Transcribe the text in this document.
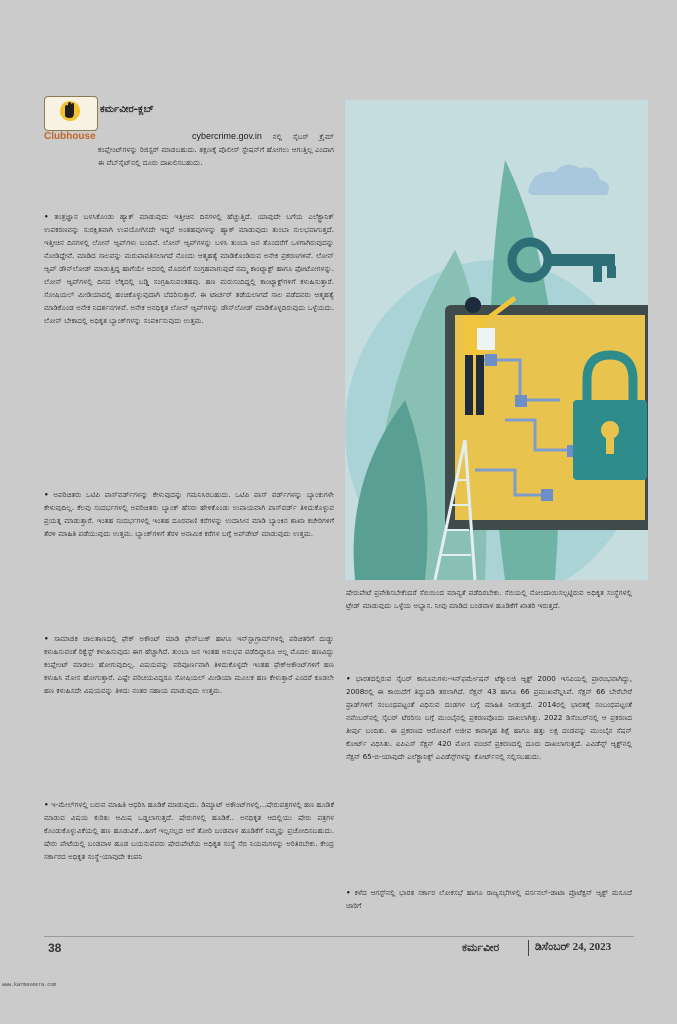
Clubhouse
ಕರ್ಮವೀರ-ಕ್ಲಬ್

cybercrime.gov.in ನಲ್ಲಿ ಸೈಬರ್ ಕ್ರೈಮ್ ಕಂಪ್ಲೇಂಟ್‌ಗಳನ್ನು ರಿಜಿಸ್ಟರ್ ಮಾಡಬಹುದು. ತಕ್ಷಣಕ್ಕೆ ಪೊಲೀಸ್ ಸ್ಟೇಷನ್‌ಗೆ ಹೋಗಲು ಆಗುತ್ತಿಲ್ಲ ಎಂದಾಗ ಈ ವೆಬ್‌ಸೈಟ್‌ನಲ್ಲಿ ದೂರು ದಾಖಲಿಸಬಹುದು.

• ತಂತ್ರಜ್ಞಾನ ಬಳಸಿಕೊಂಡು ಹ್ಯಾಕ್ ಮಾಡುವುದು ಇತ್ತೀಚಿನ ದಿನಗಳಲ್ಲಿ ಹೆಚ್ಚುತ್ತಿದೆ. ಯಾವುದೇ ಬಗೆಯ ಎಲೆಕ್ಟ್ರಾನಿಕ್ ಉಪಕರಣವನ್ನು ಸುರಕ್ಷಿತವಾಗಿ ಉಪಯೋಗಿಸದೇ ಇದ್ದರೆ ಅಂತಹವುಗಳನ್ನು ಹ್ಯಾಕ್ ಮಾಡುವುದು ತುಂಬಾ ಸುಲಭವಾಗುತ್ತದೆ. ಇತ್ತೀಚಿನ ದಿನಗಳಲ್ಲಿ ಲೋನ್ ಆ್ಯಪ್‌ಗಳು ಬಂದಿವೆ. ಲೋನ್ ಆ್ಯಪ್‌ಗಳನ್ನು ಬಳಸಿ ತುಂಬಾ ಜನ ತೊಂದರೆಗೆ ಒಳಗಾಗಿರುವುದನ್ನು ನೋಡಿದ್ದೇವೆ. ಮಾಡಿದ ಸಾಲವನ್ನು ಮರುಪಾವತಿಸಲಾಗದೆ ನೊಂದು ಆತ್ಮಹತ್ಯೆ ಮಾಡಿಕೊಂಡಿರುವ ಅನೇಕ ಪ್ರಕರಣಗಳಿವೆ. ಲೋನ್ ಆ್ಯಪ್ ಡೌನ್‌ಲೋಡ್ ಮಾಡುತ್ತಿದ್ದ ಹಾಗೆಯೇ ಅದರಲ್ಲಿ ಮೊದಲಿಗೆ ಸಂಗ್ರಹವಾಗುವುದೆ ನಮ್ಮ ಕಾಂಟ್ಯಾಕ್ಟ್ ಹಾಗೂ ಫೋಟೋಗಳನ್ನು. ಲೋನ್ ಆ್ಯಪ್‌ಗಳಲ್ಲಿ ದಿನದ ಲೆಕ್ಕದಲ್ಲಿ ಬಡ್ಡಿ ಸಂಗ್ರಹಿಸುವಂತಹವು. ಹಣ ಮರುಸಂದಿದ್ದಲ್ಲಿ ಕಾಂಟ್ಯಾಕ್ಟ್‌ಗಳಿಗೆ ಕಳುಹಿಸುತ್ತಾರೆ. ಸೋಷಿಯಲ್ ಮೀಡಿಯಾದಲ್ಲಿ ಹಂಚಿಕೊಳ್ಳುವುದಾಗಿ ಬೆದರಿಸುತ್ತಾರೆ. ಈ ಟಾರ್ಚರ್ ತಡೆಯಲಾಗದೆ ಸಾಲ ಪಡೆದವರು ಆತ್ಮಹತ್ಯೆ ಮಾಡಿಕೊಂಡ ಅನೇಕ ನಿದರ್ಶನಗಳಿವೆ. ಅನೇಕ ಅನಧಿಕೃತ ಲೋನ್ ಆ್ಯಪ್‌ಗಳನ್ನು ಡೌನ್‌ಲೋಡ್ ಮಾಡಿಕೊಳ್ಳದಿರುವುದು ಒಳ್ಳೆಯದು. ಲೋನ್ ಬೇಕಾದಲ್ಲಿ ಅಧಿಕೃತ ಬ್ಯಾಂಕ್‌ಗಳನ್ನು ಸಂಪರ್ಕಿಸುವುದು ಉತ್ತಮ.

• ಅಪರಿಚಿತರು ಒಟಿಪಿ ಪಾಸ್‌ವರ್ಡ್‌ಗಳನ್ನು ಕೇಳುವುದನ್ನು ಗಮನಿಸಿರಬಹುದು. ಒಟಿಪಿ ಪಾಸ್ ವರ್ಡ್‌ಗಳನ್ನು ಬ್ಯಾಂಕುಗಳೇ ಕೇಳುವುದಿಲ್ಲ. ಕೆಲವು ಸಂದರ್ಭಗಳಲ್ಲಿ ಅಪರಿಚಿತರು ಬ್ಯಾಂಕ್ ಹೆಸರು ಹೇಳಿಕೊಂಡು ಉಪಾಯವಾಗಿ ಪಾಸ್‌ವರ್ಡ್ ತಿಳಿದುಕೊಳ್ಳುವ ಪ್ರಯತ್ನ ಮಾಡುತ್ತಾರೆ. ಇಂತಹ ಸಂದರ್ಭಗಳಲ್ಲಿ ಇಂತಹ ದೂರವಾಣಿ ಕರೆಗಳನ್ನು ಉದಾಸೀನ ಮಾಡಿ ಬ್ಯಾಂಕಿನ ಶಾಖಾ ಕಚೇರಿಗಳಿಗೆ ತೆರಳಿ ಮಾಹಿತಿ ಪಡೆಯುವುದು ಉತ್ತಮ. ಬ್ಯಾಂಕ್‌ಗಳಿಗೆ ತೆರಳ ಅನಾಮಿಕ ಕರೆಗಳ ಬಗ್ಗೆ ಅಪ್‌ಡೇಟ್ ಮಾಡುವುದು ಉತ್ತಮ.

• ಸಾಮಾಜಿಕ ಜಾಲತಾಣದಲ್ಲಿ ಫೇಕ್ ಅಕೌಂಟ್ ಮಾಡಿ ಫೇಸ್‌ಬುಕ್ ಹಾಗೂ ಇನ್‌ಸ್ಟಾಗ್ರಾಮ್‌ಗಳಲ್ಲಿ ಪರಿಚಿತರಿಗೆ ದುಡ್ಡು ಕಳುಹಿಸುವಂತೆ ರಿಕ್ವೆಸ್ಟ್ ಕಳುಹಿಸುವುದು ಈಗ ಹೆಚ್ಚಾಗಿದೆ. ತುಂಬಾ ಜನ ಇಂತಹ ಅನುಭವ ಪಡೆದಿದ್ದಾರೂ ಅಲ್ಲ ಮೊದಲ ಹಣವಿದ್ದು ಕಂಪ್ಲೇಂಟ್ ಮಾಡಲು ಹೋಗುವುದಿಲ್ಲ. ವಿಷಯವನ್ನು ಪರಿಪೂರ್ಣವಾಗಿ ತಿಳಿದುಕೊಳ್ಳದೇ ಇಂತಹ ಫೇಕ್‌ಅಕೌಂಟ್‌ಗಳಿಗೆ ಹಣ ಕಳುಹಿಸಿ ಮೋಸ ಹೋಗುತ್ತಾರೆ. ಎಷ್ಟೇ ಪರಿಚಯವಿದ್ದರೂ ಸೋಷಿಯಲ್ ಮೀಡಿಯಾ ಮೂಲಕ ಹಣ ಕೇಳುತ್ತಾರೆ ಎಂದರೆ ಕೂಡಲೇ ಹಣ ಕಳುಹಿಸದೇ ವಿಷಯವನ್ನು ತಿಳಿದು ನಂತರ ಸಹಾಯ ಮಾಡುವುದು ಉತ್ತಮ.

• ಇ-ಮೇಲ್‌ಗಳಲ್ಲಿ ಬರುವ ಮಾಹಿತಿ ಆಧರಿಸಿ ಹೂಡಿಕೆ ಮಾಡುವುದು. ಡಿಮ್ಯಾಟ್ ಅಕೌಂಟ್‌ಗಳಲ್ಲಿ...ಷೇರುಪತ್ರಗಳಲ್ಲಿ ಹಣ ಹೂಡಿಕೆ ಮಾಡುವ ವಿಷಯ ಕುರಿತು ಆಮಿಷ ಒಡ್ಡಲಾಗುತ್ತದೆ. ಷೇರುಗಳಲ್ಲಿ ಹೂಡಿಕೆ.. ಅನಧಿಕೃತ ಆದಲ್ಲಿಯು ಷೇರು ಪತ್ರಗಳ ಕೊಂಡುಕೊಳ್ಳುವಿಕೆಯಲ್ಲಿ ಹಣ ಹೂಡುವಿಕೆ...ಹೀಗೆ ಇಲ್ಲಸಲ್ಲದ ಆಸೆ ತೋರಿ ಬಂಡವಾಳ ಹೂಡಿಕೆಗೆ ನಿಮ್ಮನ್ನು ಪ್ರಚೋದಿಸಬಹುದು. ಷೇರು ಪೇಟೆಯಲ್ಲಿ ಬಂಡವಾಳ ಹೂಡ ಬಯಸುವವರು ಷೇರುಪೇಟೆಯ ಅಧಿಕೃತ ಸಂಸ್ಥೆ ಸೆಬಿ ನಿಯಮಗಳನ್ನು ಅರಿತಿರಬೇಕು. ಕೇಂದ್ರ ಸರ್ಕಾರದ ಅಧಿಕೃತ ಸಂಸ್ಥೆ-ಯಾವುದೇ ಕಂಪನಿ

ಷೇರುಪೇಟೆ ಪ್ರವೇಶಿಸಬೇಕೆಂದರೆ ಸೆಬಿಯಿಂದ ಮಾನ್ಯತೆ ಪಡೆದಿರಬೇಕು. ಸೆಬಿಯಲ್ಲಿ ನೋಂದಾಯಿಸಲ್ಪಟ್ಟಿರುವ ಅಧಿಕೃತ ಸಂಸ್ಥೆಗಳಲ್ಲಿ ಟ್ರೇಡ್ ಮಾಡುವುದು ಒಳ್ಳೆಯ ಅಭ್ಯಾಸ. ನೀವು ಮಾಡಿದ ಬಂಡವಾಳ ಹೂಡಿಕೆಗೆ ಖಾತರಿ ಇರುತ್ತದೆ.

• ಭಾರತದಲ್ಲಿರುವ ಸೈಬರ್ ಕಾನೂನುಗಳು-ಇನ್‌ಫರ್ಮೇಷನ್ ಟೆಕ್ನಾಲಜಿ ಆ್ಯಕ್ಟ್ 2000 ಇಸವಿಯಲ್ಲಿ ಪ್ರಾರಂಭವಾಗಿದ್ದು, 2008ರಲ್ಲಿ ಈ ಕಾಯಿದೆಗೆ ತಿದ್ದುಪಡಿ ತರಲಾಗಿದೆ. ಸೆಕ್ಷನ್ 43 ಹಾಗೂ 66 ಪ್ರಮುಖವೆನ್ನಿಸಿವೆ. ಸೆಕ್ಷನ್ 66 ಬೇರೆಬೇರೆ ಫ್ರಾಡ್‌ಗಳಿಗೆ ಸಂಬಂಧಪಟ್ಟಂತೆ ವಿಧಿಸುವ ದಂಡಗಳ ಬಗ್ಗೆ ಮಾಹಿತಿ ನೀಡುತ್ತದೆ. 2014ರಲ್ಲಿ ಭಾರತಕ್ಕೆ ಸಂಬಂಧಪಟ್ಟಂತೆ ನವೆಂಬರ್‌ನಲ್ಲಿ ಸೈಬರ್ ಟೆರರಿಸಂ ಬಗ್ಗೆ ಮುಂಬೈನಲ್ಲಿ ಪ್ರಕರಣವೊಂದು ದಾಖಲಾಗಿತ್ತು. 2022 ಡಿಸೆಂಬರ್‌ನಲ್ಲಿ ಆ ಪ್ರಕರಣದ ತೀರ್ಪು ಬಂದಿತು. ಈ ಪ್ರಕರಣದ ಆರೋಪಿಗೆ ಅಜೀವ ಕಾರಾಗೃಹ ಶಿಕ್ಷೆ ಹಾಗೂ ಹತ್ತು ಲಕ್ಷ ದಂಡವನ್ನು ಮುಂಬೈನ ಸೆಷನ್ ಕೋರ್ಟ್ ವಿಧಿಸಿತು. ಐಪಿಎಸ್ ಸೆಕ್ಷನ್ 420 ಮೋಸ ವಂಚನೆ ಪ್ರಕರಣದಲ್ಲಿ ದೂರು ದಾಖಲಾಗುತ್ತದೆ. ಎವಿಡೆನ್ಸ್ ಆ್ಯಕ್ಟ್‌ನಲ್ಲಿ ಸೆಕ್ಷನ್ 65-ಬಿ-ಯಾವುದೇ ಎಲೆಕ್ಟ್ರಾನಿಕ್ಸ್ ಎವಿಡೆನ್ಸ್‌ಗಳನ್ನು ಕೋರ್ಟ್‌ನಲ್ಲಿ ಸಲ್ಲಿಸಬಹುದು.

• ಕಳೆದ ಆಗಸ್ಟ್‌ನಲ್ಲಿ ಭಾರತ ಸರ್ಕಾರ ಲೋಕಸಭೆ ಹಾಗೂ ರಾಜ್ಯಸಭೆಗಳಲ್ಲಿ ಪರ್ಸನಲ್-ಡಾಟಾ ಪ್ರೊಟೆಕ್ಷನ್ ಆ್ಯಕ್ಟ್ ಮಸೂದೆ ಜಾರಿಗೆ

38	ಕರ್ಮವೀರ	ಡಿಸೆಂಬರ್ 24, 2023
www.karmaveera.com
